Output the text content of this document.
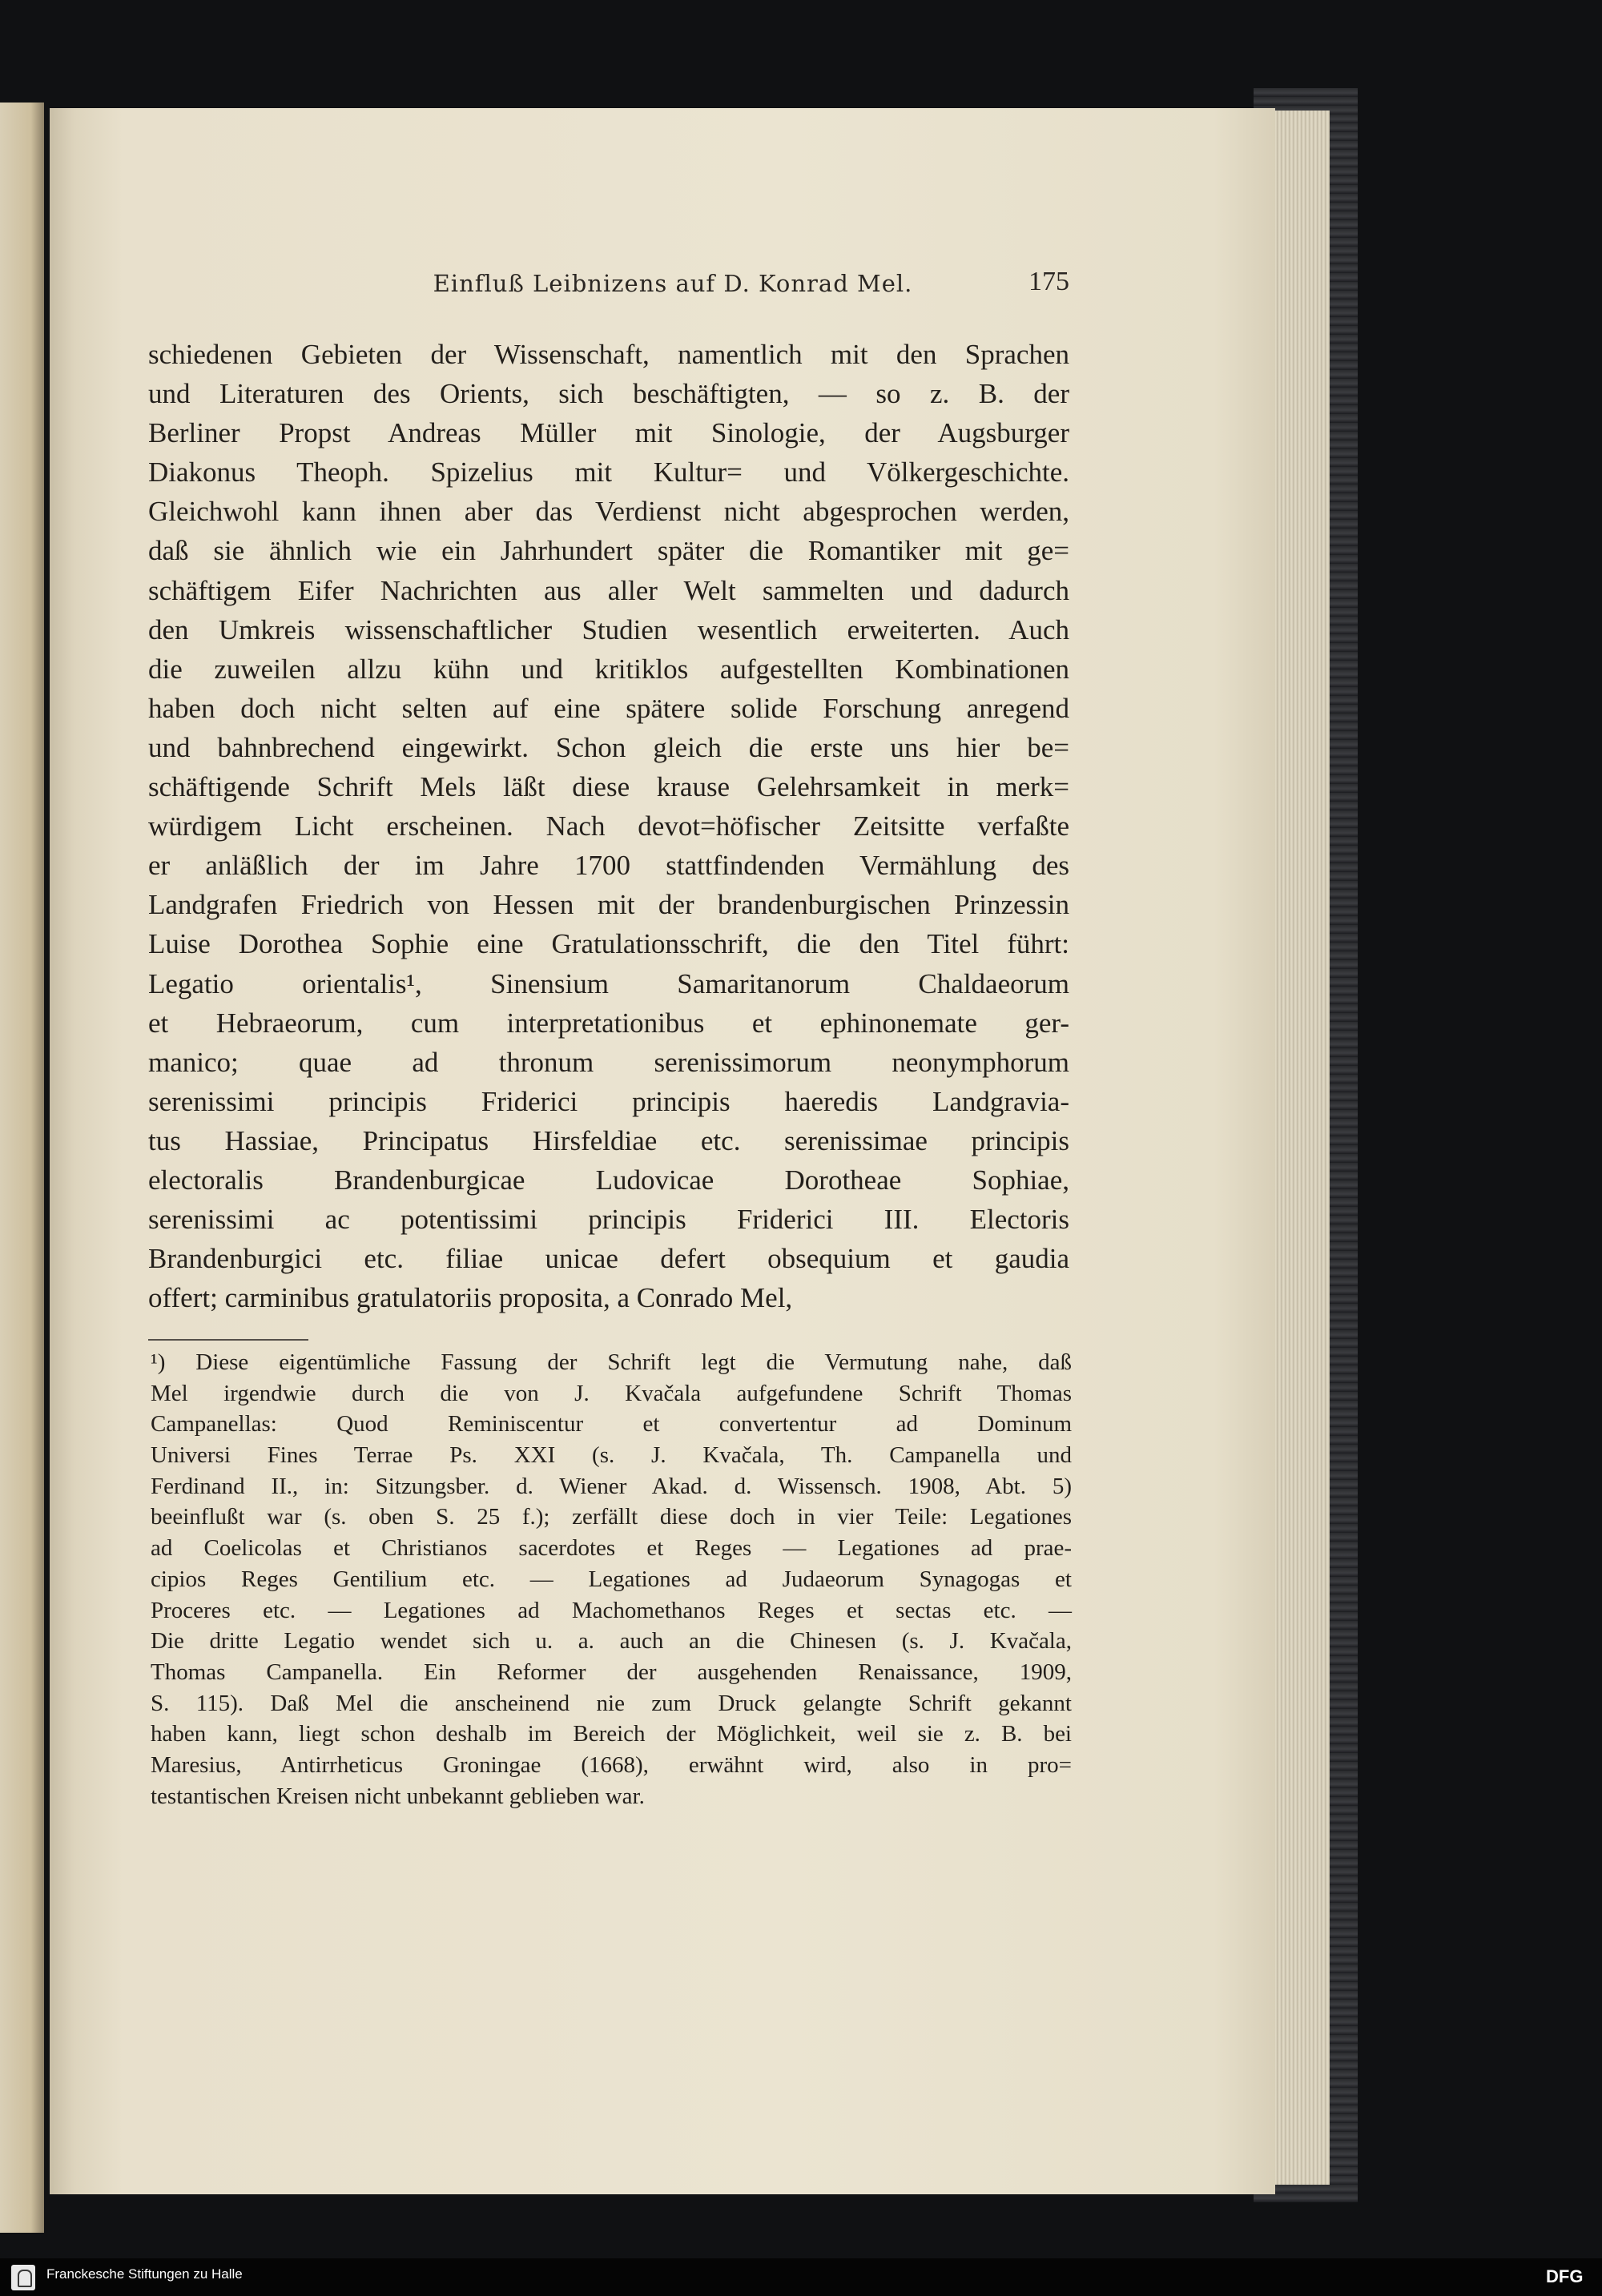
Einfluß Leibnizens auf D. Konrad Mel.	175
schiedenen Gebieten der Wissenschaft, namentlich mit den Sprachen
und Literaturen des Orients, sich beschäftigten, — so z. B. der
Berliner Propst Andreas Müller mit Sinologie, der Augsburger
Diakonus Theoph. Spizelius mit Kultur= und Völkergeschichte.
Gleichwohl kann ihnen aber das Verdienst nicht abgesprochen werden,
daß sie ähnlich wie ein Jahrhundert später die Romantiker mit ge=
schäftigem Eifer Nachrichten aus aller Welt sammelten und dadurch
den Umkreis wissenschaftlicher Studien wesentlich erweiterten. Auch
die zuweilen allzu kühn und kritiklos aufgestellten Kombinationen
haben doch nicht selten auf eine spätere solide Forschung anregend
und bahnbrechend eingewirkt. Schon gleich die erste uns hier be=
schäftigende Schrift Mels läßt diese krause Gelehrsamkeit in merk=
würdigem Licht erscheinen. Nach devot=höfischer Zeitsitte verfaßte
er anläßlich der im Jahre 1700 stattfindenden Vermählung des
Landgrafen Friedrich von Hessen mit der brandenburgischen Prinzessin
Luise Dorothea Sophie eine Gratulationsschrift, die den Titel führt:
Legatio orientalis¹, Sinensium Samaritanorum Chaldaeorum
et Hebraeorum, cum interpretationibus et ephinonemate ger-
manico; quae ad thronum serenissimorum neonymphorum
serenissimi principis Friderici principis haeredis Landgravia-
tus Hassiae, Principatus Hirsfeldiae etc. serenissimae principis
electoralis Brandenburgicae Ludovicae Dorotheae Sophiae,
serenissimi ac potentissimi principis Friderici III. Electoris
Brandenburgici etc. filiae unicae defert obsequium et gaudia
offert; carminibus gratulatoriis proposita, a Conrado Mel,
¹) Diese eigentümliche Fassung der Schrift legt die Vermutung nahe, daß
Mel irgendwie durch die von J. Kvačala aufgefundene Schrift Thomas
Campanellas: Quod Reminiscentur et convertentur ad Dominum
Universi Fines Terrae Ps. XXI (s. J. Kvačala, Th. Campanella und
Ferdinand II., in: Sitzungsber. d. Wiener Akad. d. Wissensch. 1908, Abt. 5)
beeinflußt war (s. oben S. 25 f.); zerfällt diese doch in vier Teile: Legationes
ad Coelicolas et Christianos sacerdotes et Reges — Legationes ad prae-
cipios Reges Gentilium etc. — Legationes ad Judaeorum Synagogas et
Proceres etc. — Legationes ad Machomethanos Reges et sectas etc. —
Die dritte Legatio wendet sich u. a. auch an die Chinesen (s. J. Kvačala,
Thomas Campanella. Ein Reformer der ausgehenden Renaissance, 1909,
S. 115). Daß Mel die anscheinend nie zum Druck gelangte Schrift gekannt
haben kann, liegt schon deshalb im Bereich der Möglichkeit, weil sie z. B. bei
Maresius, Antirrheticus Groningae (1668), erwähnt wird, also in pro=
testantischen Kreisen nicht unbekannt geblieben war.
Franckesche Stiftungen zu Halle	DFG
